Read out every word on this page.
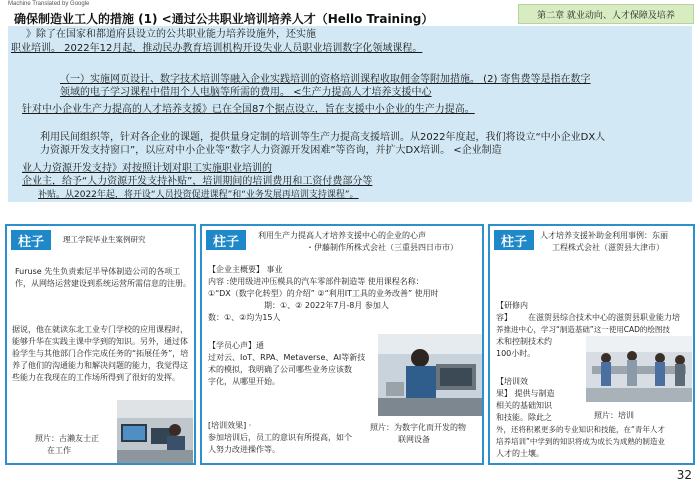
Machine Translated by Google
确保制造业工人的措施 (1) <通过公共职业培训培养人才（Hello Training）	第二章 就业动向、人才保障及培养
》除了在国家和都道府县设立的公共职业能力培养设施外，还实施
职业培训。 2022年12月起，推动民办教育培训机构开设失业人员职业培训数字化领域课程。
（一）实施网页设计、数字技术培训等融入企业实践培训的资格培训课程收取佣金等附加措施。 (2) 寄售费等是指在数字
领域的电子学习课程中借用个人电脑等所需的费用。 <生产力提高人才培养支援中心
针对中小企业生产力提高的人才培养支援》已在全国87个据点设立，旨在支援中小企业的生产力提高。
利用民间组织等，针对各企业的课题，提供量身定制的培训等生产力提高支援培训。从2022年度起，我们将设立“中小企业DX人
力资源开发支持窗口”，以应对中小企业等“数字人力资源开发困难”等咨询，并扩大DX培训。 <企业制造
业人力资源开发支持》对按照计划对职工实施职业培训的
企业主，给予“人力资源开发支持补贴”，培训期间的培训费用和工资付费部分等
补贴。从2022年起，将开设“人员投资促进课程”和“业务发展再培训支持课程”。
柱子	理工学院毕业生案例研究
Furuse 先生负责索尼半导体制造公司的各项工作，从网络运营建设到系统运营所需信息的注册。
据说，他在就读东北工业专门学校的应用课程时，能够升华在实践主课中学到的知识。另外，通过体验学生与其他部门合作完成任务的“拓展任务”，培养了他们的沟通能力和解决问题的能力，我觉得这些能力在我现在的工作场所得到了很好的发挥。
照片：古濑友士正
在工作
柱子	利用生产力提高人才培养支援中心的企业的心声
・伊藤制作所株式会社（三重县四日市市）
【企业主概要】 事业
内容 :使用级进冲压模具的汽车零部件制造等 使用课程名称：
①“DX（数字化转型）的介绍” ②“利用IT工具的业务改善” 使用时
期：①、② 2022年7月-8月 参加人
数：①、②均为15人
【学员心声】通
过对云、IoT、RPA、Metaverse、AI等新技
术的模拟，我明确了公司哪些业务应该数
字化，从哪里开始。
[培训效果] ·
参加培训后，员工的意识有所提高，如个
人努力改进操作等。
照片：为数字化而开发的物
联网设备
柱子	人才培养支援补助金利用事例：东丽
工程株式会社（滋贺县大津市）
【研修内
容】 在滋贺县综合技术中心的滋贺县职业能力培
养推进中心，学习“制造基础”这一使用CAD的绘图技
术和控制技术约
100小时。
【培训效
果】 提供与制造
相关的基础知识
和技能。除此之	照片：培训
外，还将积累更多的专业知识和技能，在“青年人才
培养培训”中学到的知识将成为成长为成熟的制造业
人才的土壤。
32
